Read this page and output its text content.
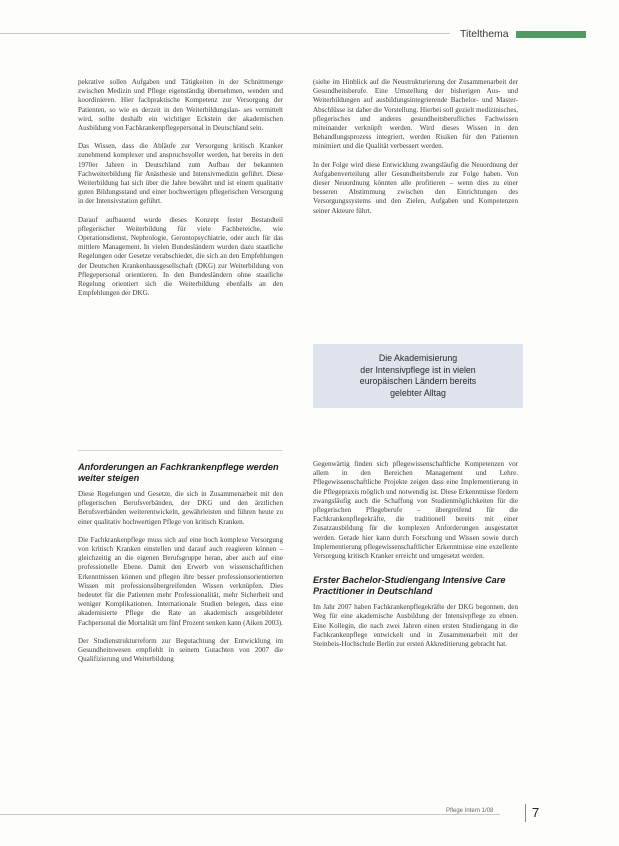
Titelthema

pekrative sollen Aufgaben und Tätigkeiten in der Schnittmenge zwischen Medizin und Pflege eigenständig übernehmen, wenden und koordinieren. Hier fachpraktische Kompetenz zur Versorgung der Patienten, so wie es derzeit in den Weiterbildungslan- ses vermittelt wird, sollte deshalb ein wichtiger Eckstein der akademischen Ausbildung von Fachkrankenpflegepersonal in Deutschland sein.

Das Wissen, dass die Abläufe zur Versorgung kritisch Kranker zunehmend komplexer und anspruchsvoller werden, hat bereits in den 1970er Jahren in Deutschland zum Aufbau der bekannten Fachweiterbildung für Anästhesie und Intensivmedizin geführt. Diese Weiterbildung hat sich über die Jahre bewährt und ist einem qualitativ guten Bildungsstand und einer hochwertigen pflegerischen Versorgung in der Intensivstation geführt.

Darauf aufbauend wurde dieses Konzept fester Bestandteil pflegerischer Weiterbildung für viele Fachbereiche, wie Operationsdienst, Nephrologie, Gerontopsychiatrie, oder auch für das mittlere Management. In vielen Bundesländern wurden dazu staatliche Regelungen oder Gesetze verabschiedet, die sich an den Empfehlungen der Deutschen Krankenhausgesellschaft (DKG) zur Weiterbildung von Pflegepersonal orientieren. In den Bundesländern ohne staatliche Regelung orientiert sich die Weiterbildung ebenfalls an den Empfehlungen der DKG.

(siehe im Hinblick auf die Neustrukturierung der Zusammenarbeit der Gesundheitsberufe. Eine Umstellung der bisherigen Aus- und Weiterbildungen auf ausbildungsintegrierende Bachelor- und Master-Abschlüsse ist daher die Vorstellung. Hierbei soll gezielt medizinisches, pflegerisches und anderes gesundheitsberufliches Fachwissen miteinander verknüpft werden. Wird dieses Wissen in den Behandlungsprozess integriert, werden Risiken für den Patienten minimiert und die Qualität verbessert werden.

In der Folge wird diese Entwicklung zwangsläufig die Neuordnung der Aufgabenverteilung aller Gesundheitsberufe zur Folge haben. Von dieser Neuordnung könnten alle profitieren – wenn dies zu einer besseren Abstimmung zwischen den Einrichtungen des Versorgungssystems und den Zielen, Aufgaben und Kompetenzen seiner Akteure führt.

Die Akademisierung
der Intensivpflege ist in vielen
europäischen Ländern bereits
gelebter Alltag
Anforderungen an Fachkrankenpflege werden weiter steigen

Diese Regelungen und Gesetze, die sich in Zusammenarbeit mit den pflegerischen Berufsverbänden, der DKG und den ärztlichen Berufsverbänden weiterentwickeln, gewährleisten und führen heute zu einer qualitativ hochwertigen Pflege von kritisch Kranken.

Die Fachkrankenpflege muss sich auf eine hoch komplexe Versorgung von kritisch Kranken einstellen und darauf auch reagieren können – gleichzeitig an die eigenen Berufsgruppe heran, aber auch auf eine professionelle Ebene. Damit den Erwerb von wissenschaftlichen Erkenntnissen können und pflegen ihre besser professionsorientierten Wissen mit professionsübergreifenden Wissen verknüpfen. Dies bedeutet für die Patienten mehr Professionalität, mehr Sicherheit und weniger Komplikationen. Internationale Studien belegen, dass eine akademisierte Pflege die Rate an akademisch ausgebildeter Fachpersonal die Mortalität um fünf Prozent senken kann (Aiken 2003).

Der Studienstrukturreform zur Begutachtung der Entwicklung im Gesundheitswesen empfiehlt in seinem Gutachten von 2007 die Qualifizierung und Weiterbildung

Gegenwärtig finden sich pflegewissenschaftliche Kompetenzen vor allem in den Bereichen Management und Lehre. Pflegewissenschaftliche Projekte zeigen dass eine Implementierung in die Pflegepraxis möglich und notwendig ist. Diese Erkenntnisse fördern zwangsläufig auch die Schaffung von Studienmöglichkeiten für die pflegerischen Pflegeberufe – übergreifend für die Fachkrankenpflegekräfte, die traditionell bereits mit einer Zusatzausbildung für die komplexen Anforderungen ausgestattet werden. Gerade hier kann durch Forschung und Wissen sowie durch Implementierung pflegewissenschaftlicher Erkenntnisse eine exzellente Versorgung kritisch Kranker erreicht und umgesetzt werden.

Erster Bachelor-Studiengang Intensive Care Practitioner in Deutschland

Im Jahr 2007 haben Fachkrankenpflegekräfte der DKG begonnen, den Weg für eine akademische Ausbildung der Intensivpflege zu ebnen. Eine Kollegin, die nach zwei Jahren einen ersten Studiengang in die Fachkrankenpflege entwickelt und in Zusammenarbeit mit der Steinbeis-Hochschule Berlin zur ersten Akkreditierung gebracht hat.

Pflege Intern 1/08	7
